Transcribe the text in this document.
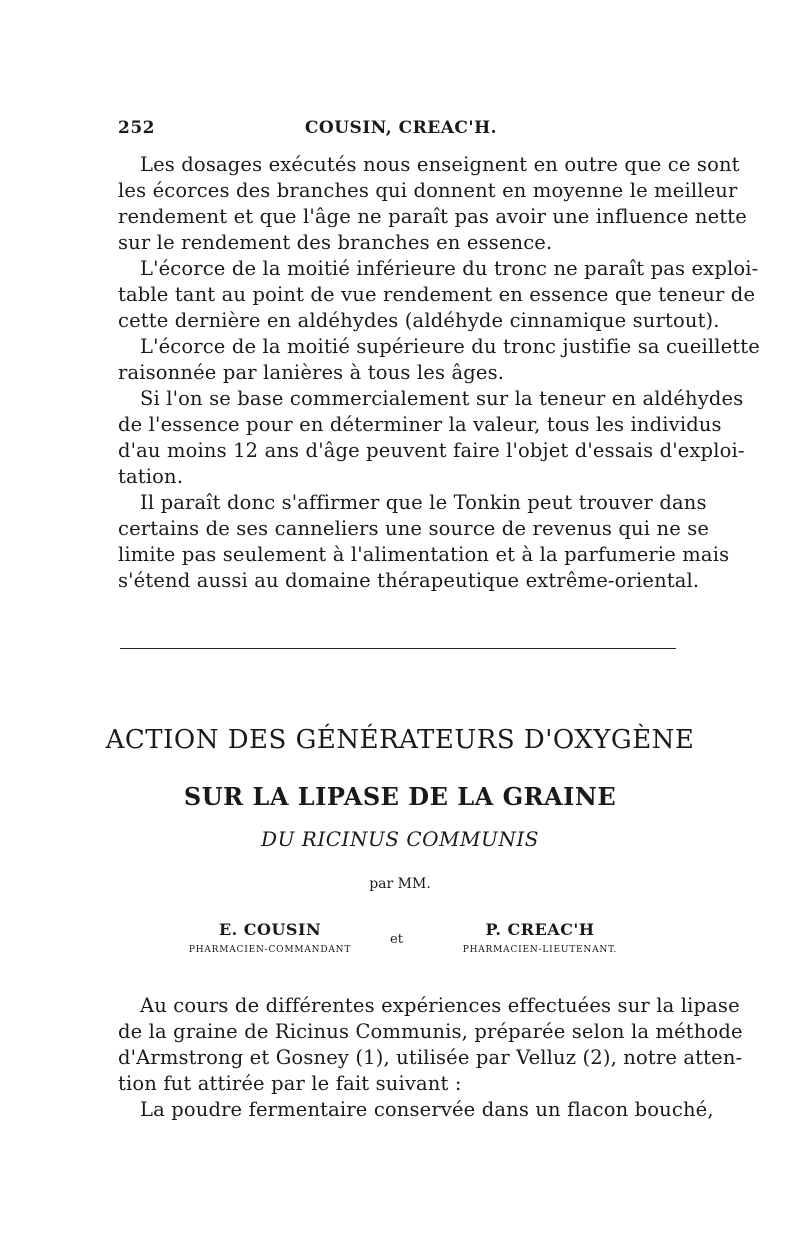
252	COUSIN, CREAC'H.

Les dosages exécutés nous enseignent en outre que ce sont
les écorces des branches qui donnent en moyenne le meilleur
rendement et que l'âge ne paraît pas avoir une influence nette
sur le rendement des branches en essence.

L'écorce de la moitié inférieure du tronc ne paraît pas exploi-
table tant au point de vue rendement en essence que teneur de
cette dernière en aldéhydes (aldéhyde cinnamique surtout).

L'écorce de la moitié supérieure du tronc justifie sa cueillette
raisonnée par lanières à tous les âges.

Si l'on se base commercialement sur la teneur en aldéhydes
de l'essence pour en déterminer la valeur, tous les individus
d'au moins 12 ans d'âge peuvent faire l'objet d'essais d'exploi-
tation.

Il paraît donc s'affirmer que le Tonkin peut trouver dans
certains de ses canneliers une source de revenus qui ne se
limite pas seulement à l'alimentation et à la parfumerie mais
s'étend aussi au domaine thérapeutique extrême-oriental.

ACTION DES GÉNÉRATEURS D'OXYGÈNE
SUR LA LIPASE DE LA GRAINE
DU RICINUS COMMUNIS
par MM.
E. COUSIN
PHARMACIEN-COMMANDANT
et
P. CREAC'H
PHARMACIEN-LIEUTENANT.

Au cours de différentes expériences effectuées sur la lipase
de la graine de Ricinus Communis, préparée selon la méthode
d'Armstrong et Gosney (1), utilisée par Velluz (2), notre atten-
tion fut attirée par le fait suivant :

La poudre fermentaire conservée dans un flacon bouché,
